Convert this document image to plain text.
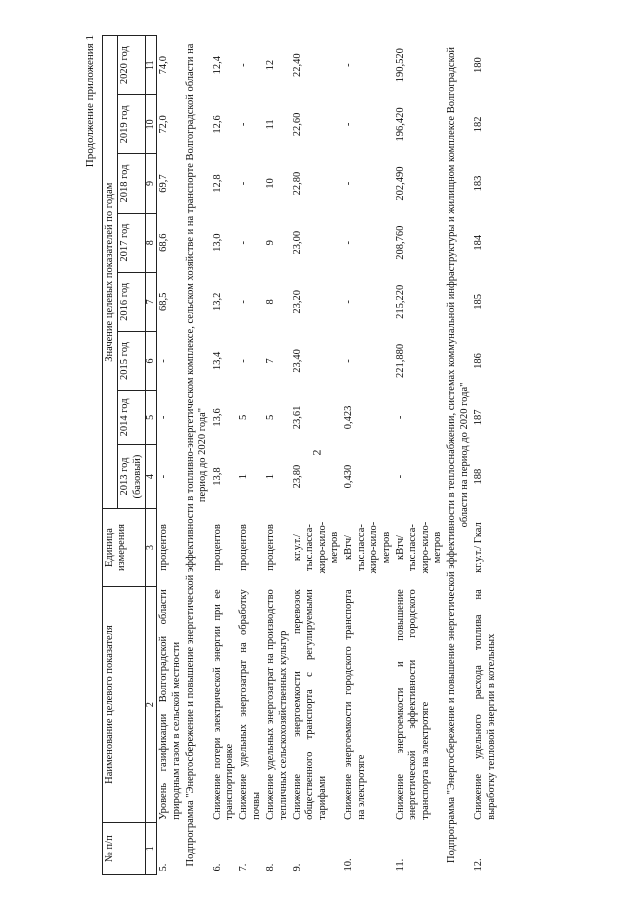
2
Продолжение приложения 1
№ п/п	Наименование целевого показателя	Единица измерения	Значение целевых показателей по годам							
			2013 год (базовый)	2014 год	2015 год	2016 год	2017 год	2018 год	2019 год	2020 год
1	2	3	4	5	6	7	8	9	10	11
5.	Уровень газификации Волгоградской области природным газом в сельской местности	процентов	-	-	-	68,5	68,6	69,7	72,0	74,0
Подпрограмма "Энергосбережение и повышение энергетической эффективности в топливно-энергетическом комплексе, сельском хозяйстве и на транспорте Волгоградской области на период до 2020 года"										
6.	Снижение потери электрической энергии при ее транспортировке	процентов	13,8	13,6	13,4	13,2	13,0	12,8	12,6	12,4
7.	Снижение удельных энергозатрат на обработку почвы	процентов	1	5	-	-	-	-	-	-
8.	Снижение удельных энергозатрат на производство тепличных сельскохозяйственных культур	процентов	1	5	7	8	9	10	11	12
9.	Снижение энергоемкости перевозок общественного транспорта с регулируемыми тарифами	кг.у.т./ тыс.пасса-жиро-кило-метров	23,80	23,61	23,40	23,20	23,00	22,80	22,60	22,40
10.	Снижение энергоемкости городского транспорта на электротяге	кВтч/ тыс.пасса-жиро-кило-метров	0,430	0,423	-	-	-	-	-	-
11.	Снижение энергоемкости и повышение энергетической эффективности городского транспорта на электротяге	кВтч/ тыс.пасса-жиро-кило-метров	-	-	221,880	215,220	208,760	202,490	196,420	190,520
Подпрограмма "Энергосбережение и повышение энергетической эффективности в теплоснабжении, системах коммунальной инфраструктуры и жилищном комплексе Волгоградской области на период до 2020 года"										
12.	Снижение удельного расхода топлива на выработку тепловой энергии в котельных	кг.у.т./ Гкал	188	187	186	185	184	183	182	180
